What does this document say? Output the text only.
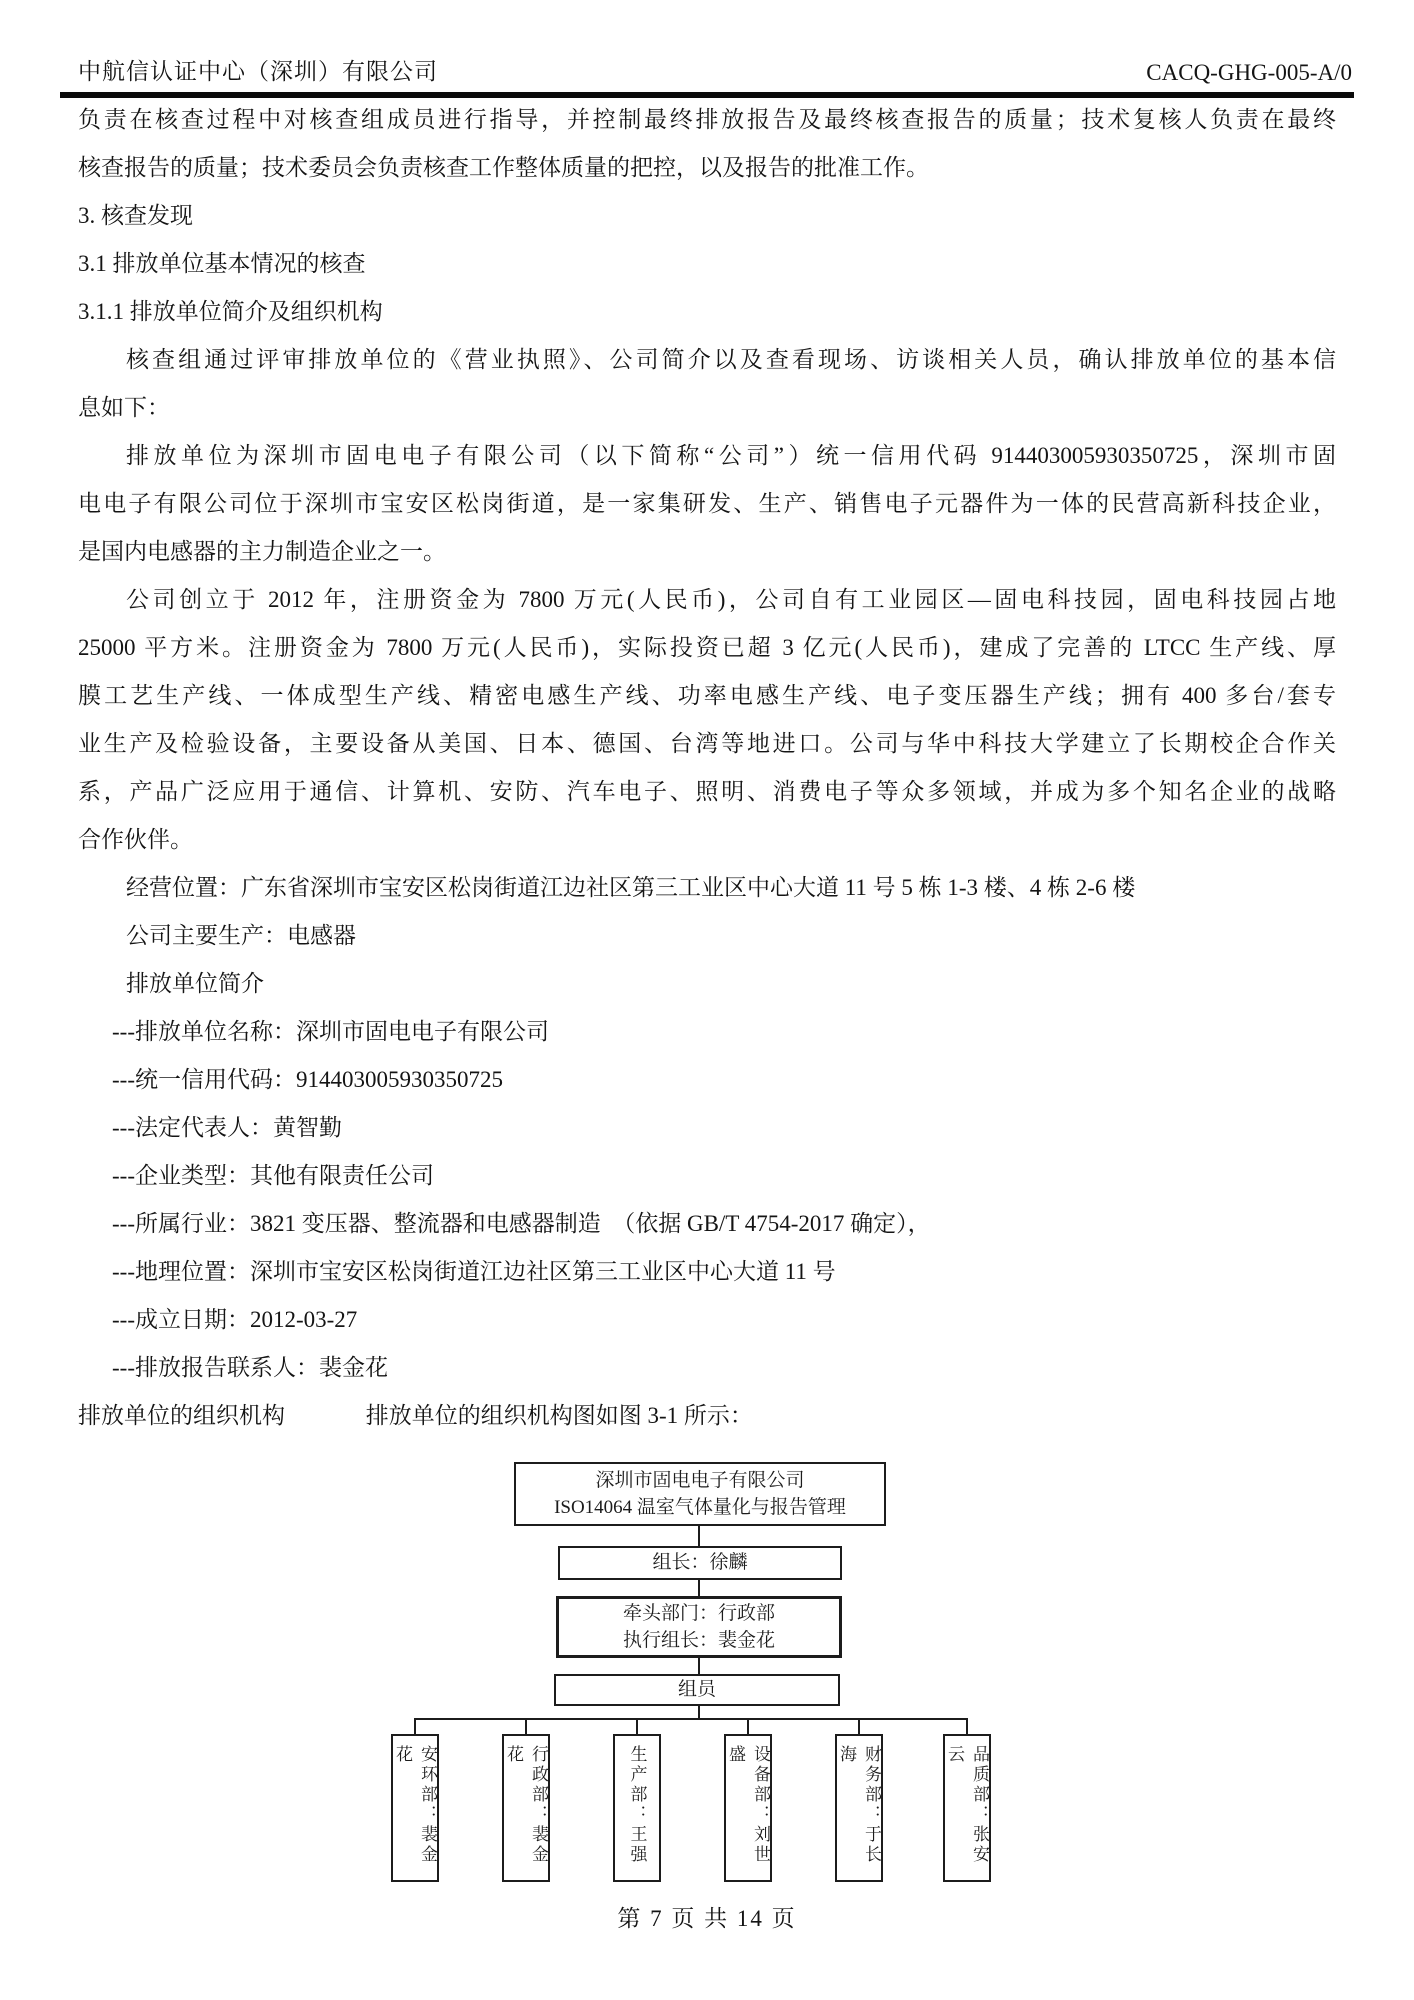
中航信认证中心（深圳）有限公司	CACQ-GHG-005-A/0
负责在核查过程中对核查组成员进行指导，并控制最终排放报告及最终核查报告的质量；技术复核人负责在最终
核查报告的质量；技术委员会负责核查工作整体质量的把控，以及报告的批准工作。
3. 核查发现
3.1 排放单位基本情况的核查
3.1.1 排放单位简介及组织机构
核查组通过评审排放单位的《营业执照》、公司简介以及查看现场、访谈相关人员，确认排放单位的基本信
息如下：
排放单位为深圳市固电电子有限公司（以下简称“公司”）统一信用代码 914403005930350725，深圳市固
电电子有限公司位于深圳市宝安区松岗街道，是一家集研发、生产、销售电子元器件为一体的民营高新科技企业，
是国内电感器的主力制造企业之一。
公司创立于 2012 年，注册资金为 7800 万元(人民币)，公司自有工业园区—固电科技园，固电科技园占地
25000 平方米。注册资金为 7800 万元(人民币)，实际投资已超 3 亿元(人民币)，建成了完善的 LTCC 生产线、厚
膜工艺生产线、一体成型生产线、精密电感生产线、功率电感生产线、电子变压器生产线；拥有 400 多台/套专
业生产及检验设备，主要设备从美国、日本、德国、台湾等地进口。公司与华中科技大学建立了长期校企合作关
系，产品广泛应用于通信、计算机、安防、汽车电子、照明、消费电子等众多领域，并成为多个知名企业的战略
合作伙伴。
经营位置：广东省深圳市宝安区松岗街道江边社区第三工业区中心大道 11 号 5 栋 1-3 楼、4 栋 2-6 楼
公司主要生产：电感器
排放单位简介
---排放单位名称：深圳市固电电子有限公司
---统一信用代码：914403005930350725
---法定代表人：黄智勤
---企业类型：其他有限责任公司
---所属行业：3821 变压器、整流器和电感器制造　（依据 GB/T 4754-2017 确定），
---地理位置：深圳市宝安区松岗街道江边社区第三工业区中心大道 11 号
---成立日期：2012-03-27
---排放报告联系人：裴金花
排放单位的组织机构	排放单位的组织机构图如图 3-1 所示：
深圳市固电电子有限公司
ISO14064 温室气体量化与报告管理
组长：徐麟
牵头部门：行政部
执行组长：裴金花
组员
安环部：裴金花	行政部：裴金花	生产部：王强	设备部：刘世盛	财务部：于长海	品质部：张安云
第 7 页 共 14 页
